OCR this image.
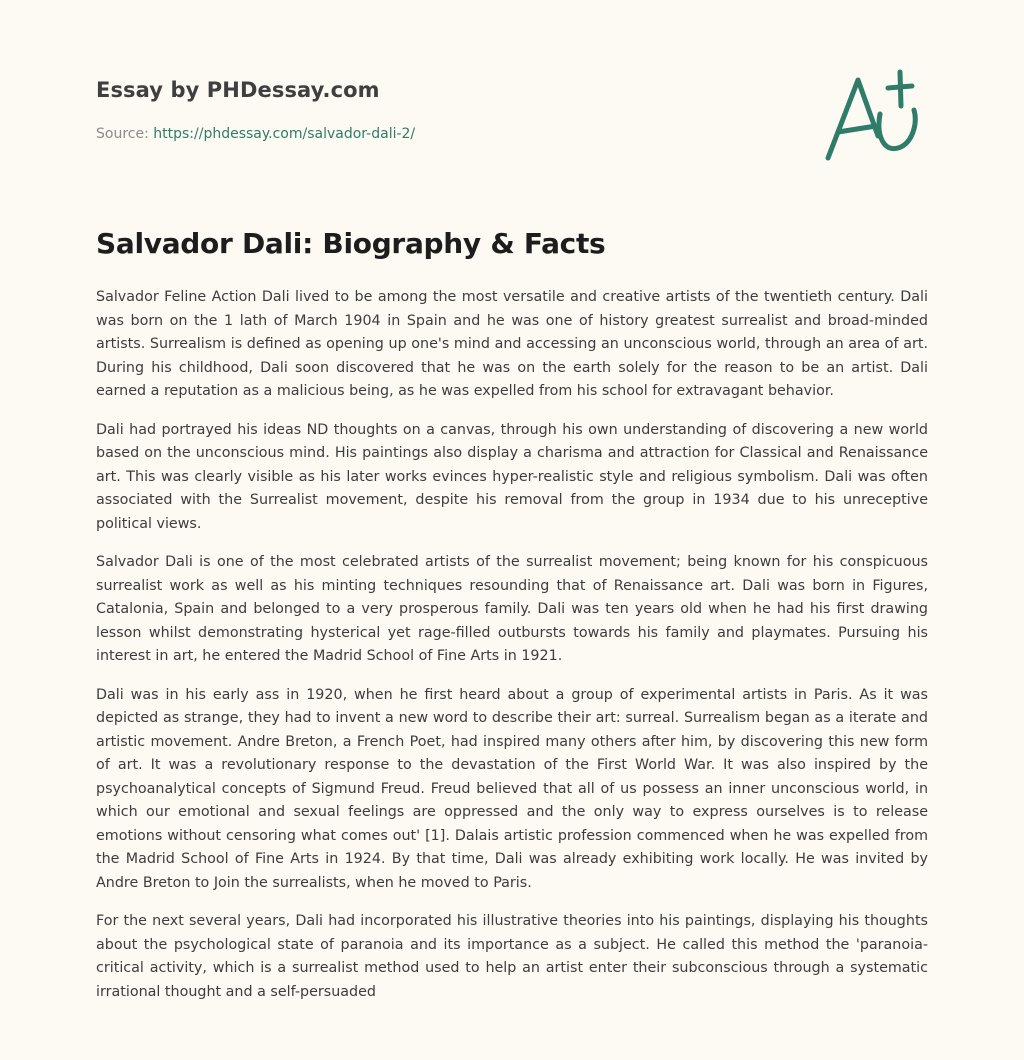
Essay by PHDessay.com
Source: https://phdessay.com/salvador-dali-2/
Salvador Dali: Biography & Facts

Salvador Feline Action Dali lived to be among the most versatile and creative artists of the twentieth century. Dali was born on the 1 lath of March 1904 in Spain and he was one of history greatest surrealist and broad-minded artists. Surrealism is defined as opening up one's mind and accessing an unconscious world, through an area of art. During his childhood, Dali soon discovered that he was on the earth solely for the reason to be an artist. Dali earned a reputation as a malicious being, as he was expelled from his school for extravagant behavior.

Dali had portrayed his ideas ND thoughts on a canvas, through his own understanding of discovering a new world based on the unconscious mind. His paintings also display a charisma and attraction for Classical and Renaissance art. This was clearly visible as his later works evinces hyper-realistic style and religious symbolism. Dali was often associated with the Surrealist movement, despite his removal from the group in 1934 due to his unreceptive political views.

Salvador Dali is one of the most celebrated artists of the surrealist movement; being known for his conspicuous surrealist work as well as his minting techniques resounding that of Renaissance art. Dali was born in Figures, Catalonia, Spain and belonged to a very prosperous family. Dali was ten years old when he had his first drawing lesson whilst demonstrating hysterical yet rage-filled outbursts towards his family and playmates. Pursuing his interest in art, he entered the Madrid School of Fine Arts in 1921.

Dali was in his early ass in 1920, when he first heard about a group of experimental artists in Paris. As it was depicted as strange, they had to invent a new word to describe their art: surreal. Surrealism began as a iterate and artistic movement. Andre Breton, a French Poet, had inspired many others after him, by discovering this new form of art. It was a revolutionary response to the devastation of the First World War. It was also inspired by the psychoanalytical concepts of Sigmund Freud. Freud believed that all of us possess an inner unconscious world, in which our emotional and sexual feelings are oppressed and the only way to express ourselves is to release emotions without censoring what comes out' [1]. Dalais artistic profession commenced when he was expelled from the Madrid School of Fine Arts in 1924. By that time, Dali was already exhibiting work locally. He was invited by Andre Breton to Join the surrealists, when he moved to Paris.

For the next several years, Dali had incorporated his illustrative theories into his paintings, displaying his thoughts about the psychological state of paranoia and its importance as a subject. He called this method the 'paranoia-critical activity, which is a surrealist method used to help an artist enter their subconscious through a systematic irrational thought and a self-persuaded
